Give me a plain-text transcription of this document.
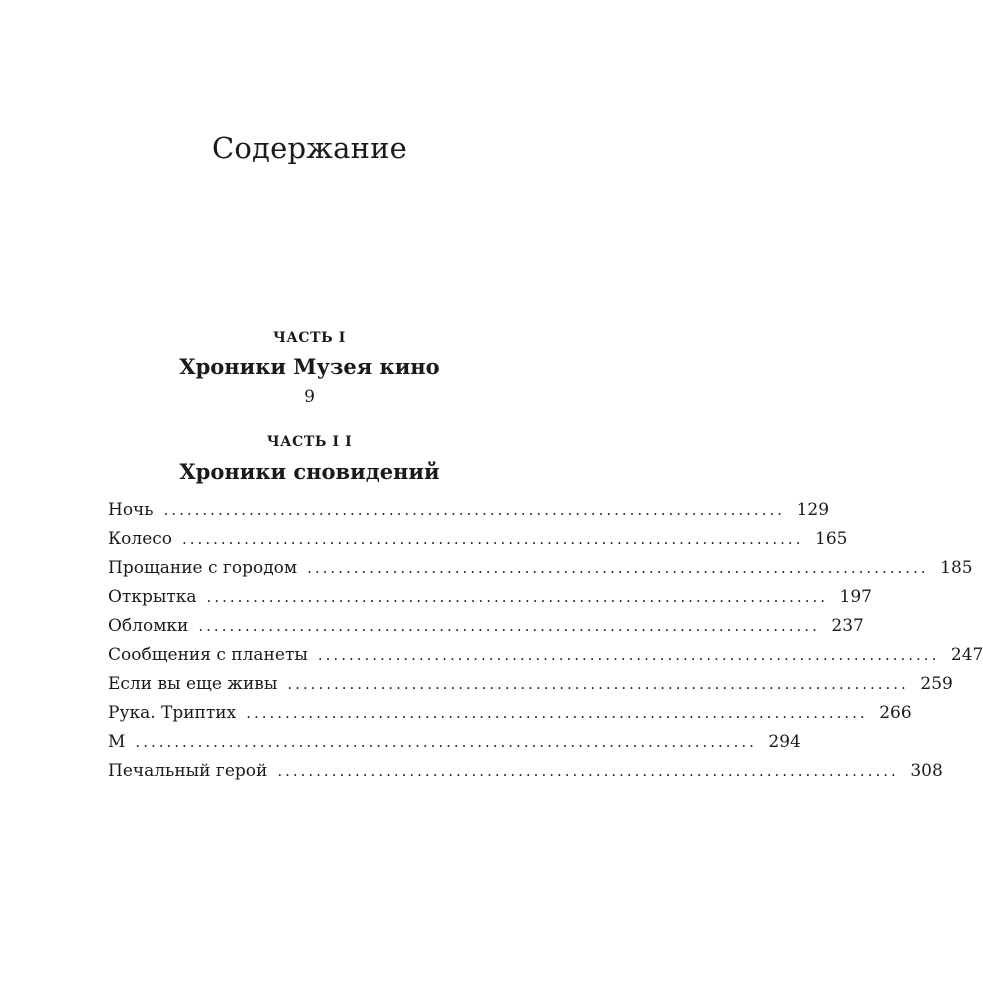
Содержание
ЧАСТЬ I
Хроники Музея кино
9
ЧАСТЬ I I
Хроники сновидений
Ночь ................................................................................ 129
Колесо ................................................................................ 165
Прощание с городом ................................................................................ 185
Открытка ................................................................................ 197
Обломки ................................................................................ 237
Сообщения с планеты ................................................................................ 247
Если вы еще живы ................................................................................ 259
Рука. Триптих ................................................................................ 266
М ................................................................................ 294
Печальный герой ................................................................................ 308
